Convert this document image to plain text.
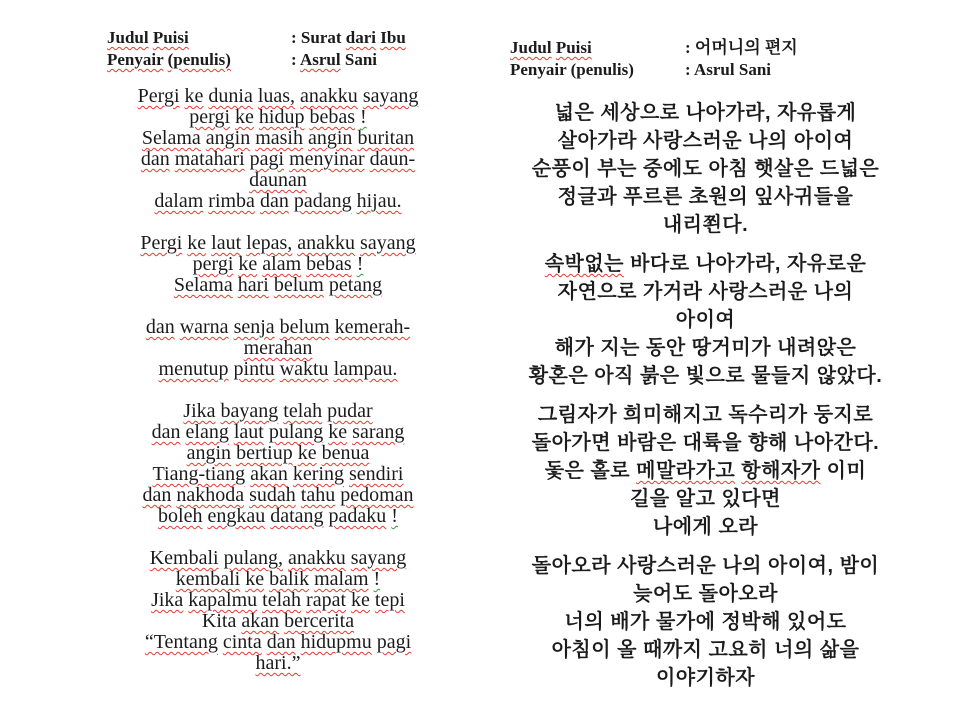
Judul Puisi	: Surat dari Ibu
Penyair (penulis)	: Asrul Sani
Pergi ke dunia luas, anakku sayang
pergi ke hidup bebas !
Selama angin masih angin buritan
dan matahari pagi menyinar daun-
daunan
dalam rimba dan padang hijau.
Pergi ke laut lepas, anakku sayang
pergi ke alam bebas !
Selama hari belum petang
dan warna senja belum kemerah-
merahan
menutup pintu waktu lampau.
Jika bayang telah pudar
dan elang laut pulang ke sarang
angin bertiup ke benua
Tiang-tiang akan kering sendiri
dan nakhoda sudah tahu pedoman
boleh engkau datang padaku !
Kembali pulang, anakku sayang
kembali ke balik malam !
Jika kapalmu telah rapat ke tepi
Kita akan bercerita
“Tentang cinta dan hidupmu pagi
hari.”
Judul Puisi	: 어머니의 편지
Penyair (penulis)	: Asrul Sani
넓은 세상으로 나아가라, 자유롭게
살아가라 사랑스러운 나의 아이여
순풍이 부는 중에도 아침 햇살은 드넓은
정글과 푸르른 초원의 잎사귀들을
내리쬔다.
속박없는 바다로 나아가라, 자유로운
자연으로 가거라 사랑스러운 나의
아이여
해가 지는 동안 땅거미가 내려앉은
황혼은 아직 붉은 빛으로 물들지 않았다.
그림자가 희미해지고 독수리가 둥지로
돌아가면 바람은 대륙을 향해 나아간다.
돛은 홀로 메말라가고 항해자가 이미
길을 알고 있다면
나에게 오라
돌아오라 사랑스러운 나의 아이여, 밤이
늦어도 돌아오라
너의 배가 물가에 정박해 있어도
아침이 올 때까지 고요히 너의 삶을
이야기하자
